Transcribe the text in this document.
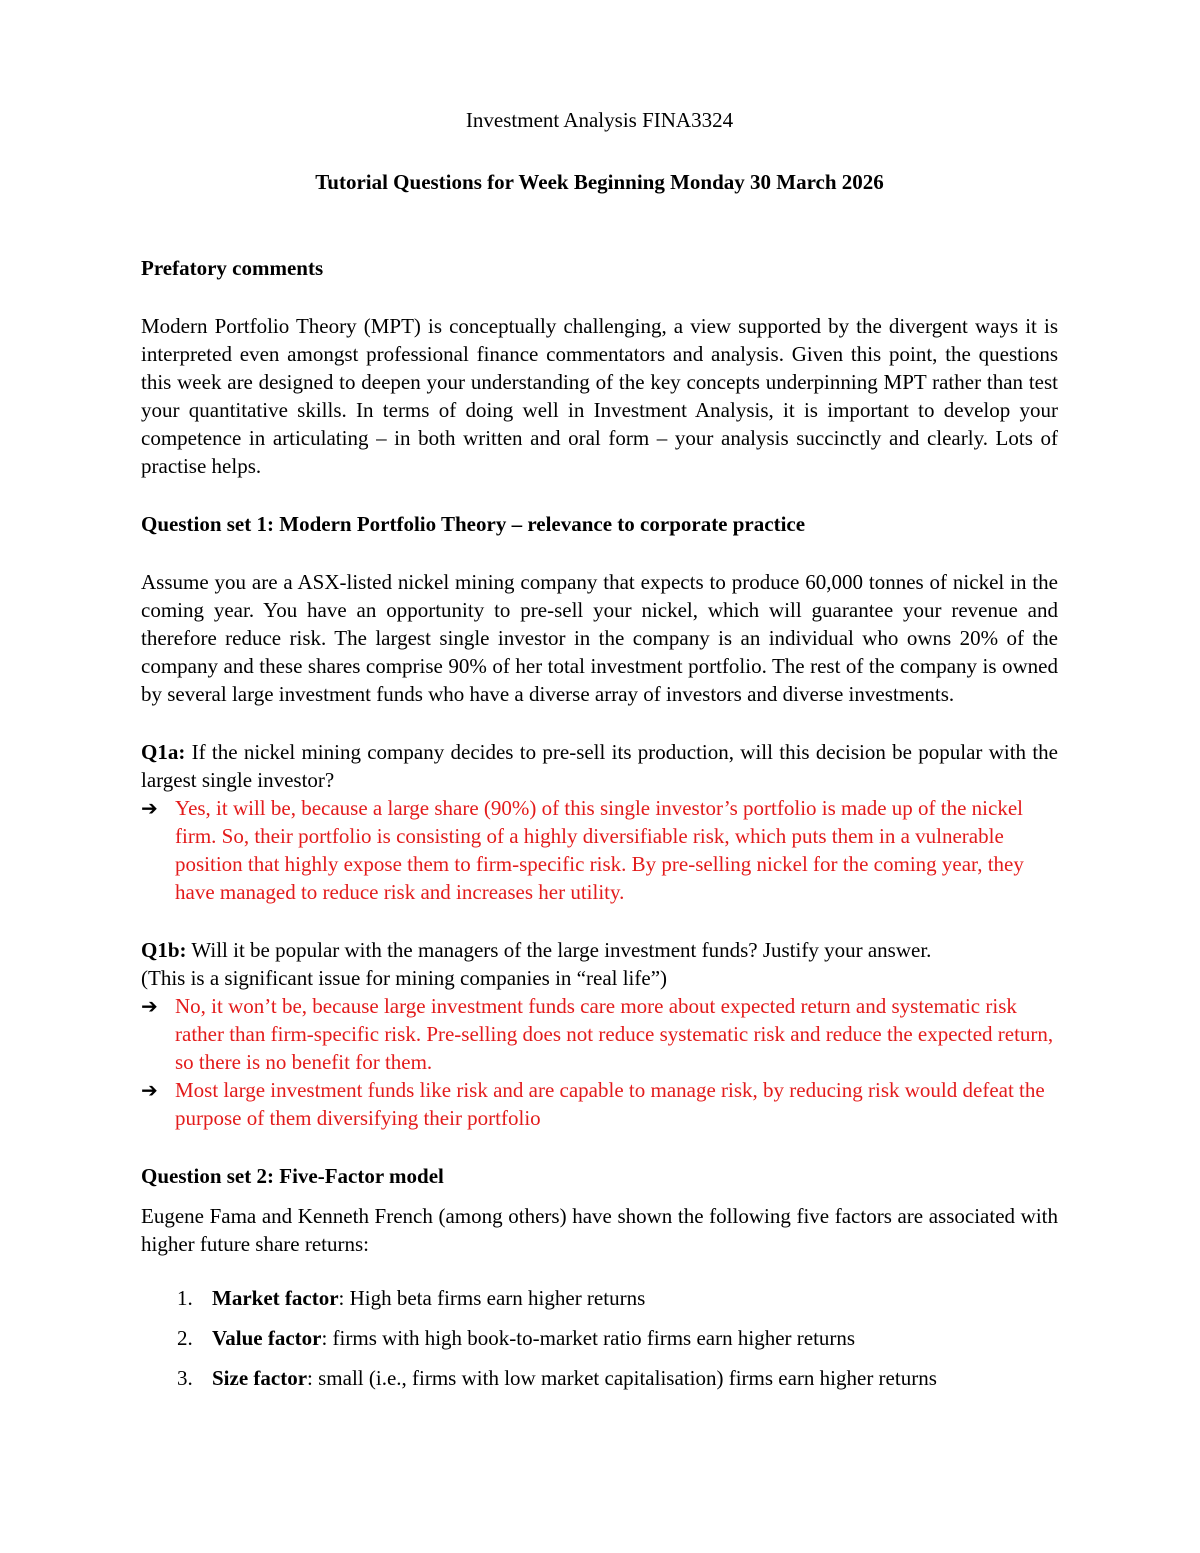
Investment Analysis FINA3324

Tutorial Questions for Week Beginning Monday 30 March 2026

Prefatory comments

Modern Portfolio Theory (MPT) is conceptually challenging, a view supported by the divergent ways it is interpreted even amongst professional finance commentators and analysis. Given this point, the questions this week are designed to deepen your understanding of the key concepts underpinning MPT rather than test your quantitative skills. In terms of doing well in Investment Analysis, it is important to develop your competence in articulating – in both written and oral form – your analysis succinctly and clearly. Lots of practise helps.

Question set 1: Modern Portfolio Theory – relevance to corporate practice

Assume you are a ASX-listed nickel mining company that expects to produce 60,000 tonnes of nickel in the coming year. You have an opportunity to pre-sell your nickel, which will guarantee your revenue and therefore reduce risk. The largest single investor in the company is an individual who owns 20% of the company and these shares comprise 90% of her total investment portfolio. The rest of the company is owned by several large investment funds who have a diverse array of investors and diverse investments.

Q1a: If the nickel mining company decides to pre-sell its production, will this decision be popular with the largest single investor?

➔ Yes, it will be, because a large share (90%) of this single investor’s portfolio is made up of the nickel firm. So, their portfolio is consisting of a highly diversifiable risk, which puts them in a vulnerable position that highly expose them to firm-specific risk. By pre-selling nickel for the coming year, they have managed to reduce risk and increases her utility.

Q1b: Will it be popular with the managers of the large investment funds? Justify your answer.

(This is a significant issue for mining companies in “real life”)

➔ No, it won’t be, because large investment funds care more about expected return and systematic risk rather than firm-specific risk. Pre-selling does not reduce systematic risk and reduce the expected return, so there is no benefit for them.

➔ Most large investment funds like risk and are capable to manage risk, by reducing risk would defeat the purpose of them diversifying their portfolio

Question set 2: Five-Factor model

Eugene Fama and Kenneth French (among others) have shown the following five factors are associated with higher future share returns:

1. Market factor: High beta firms earn higher returns
2. Value factor: firms with high book-to-market ratio firms earn higher returns
3. Size factor: small (i.e., firms with low market capitalisation) firms earn higher returns
